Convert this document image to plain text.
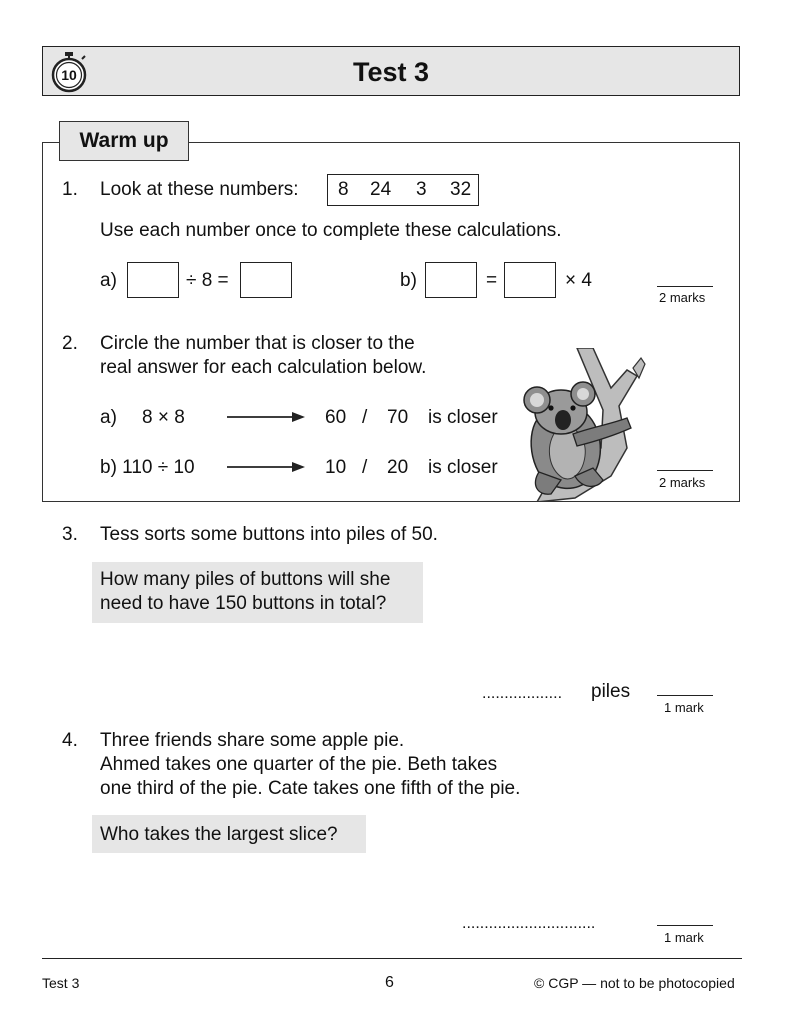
10	Test 3
Warm up
1. Look at these numbers: 8 24 3 32
Use each number once to complete these calculations.
a)	÷ 8 =	b)	=	× 4
2 marks
2. Circle the number that is closer to the
real answer for each calculation below.
a) 8 × 8	60 / 70 is closer
b) 110 ÷ 10	10 / 20 is closer
2 marks
3. Tess sorts some buttons into piles of 50.
How many piles of buttons will she
need to have 150 buttons in total?
.................. piles
1 mark
4. Three friends share some apple pie.
Ahmed takes one quarter of the pie. Beth takes
one third of the pie. Cate takes one fifth of the pie.
Who takes the largest slice?
..............................
1 mark
Test 3	6	© CGP — not to be photocopied
